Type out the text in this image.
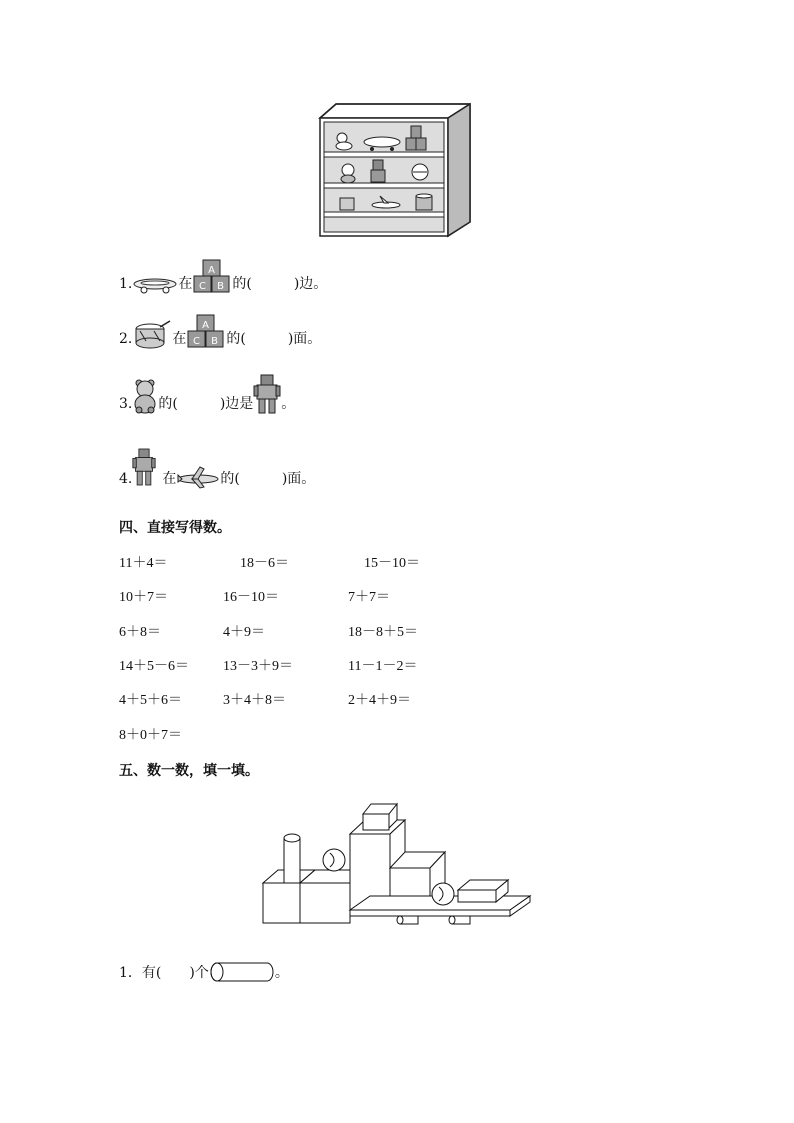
1.	在
A
C B 的(	)边。
2.	在
A
C B 的(	)面。
3. 的(	)边是 。
4. 在	的(	)面。
四、直接写得数。
11＋4＝	18－6＝	15－10＝
10＋7＝	16－10＝	7＋7＝
6＋8＝	4＋9＝	18－8＋5＝
14＋5－6＝ 13－3＋9＝	11－1－2＝
4＋5＋6＝	3＋4＋8＝	2＋4＋9＝
8＋0＋7＝
五、数一数，填一填。
1．有( )个	。
